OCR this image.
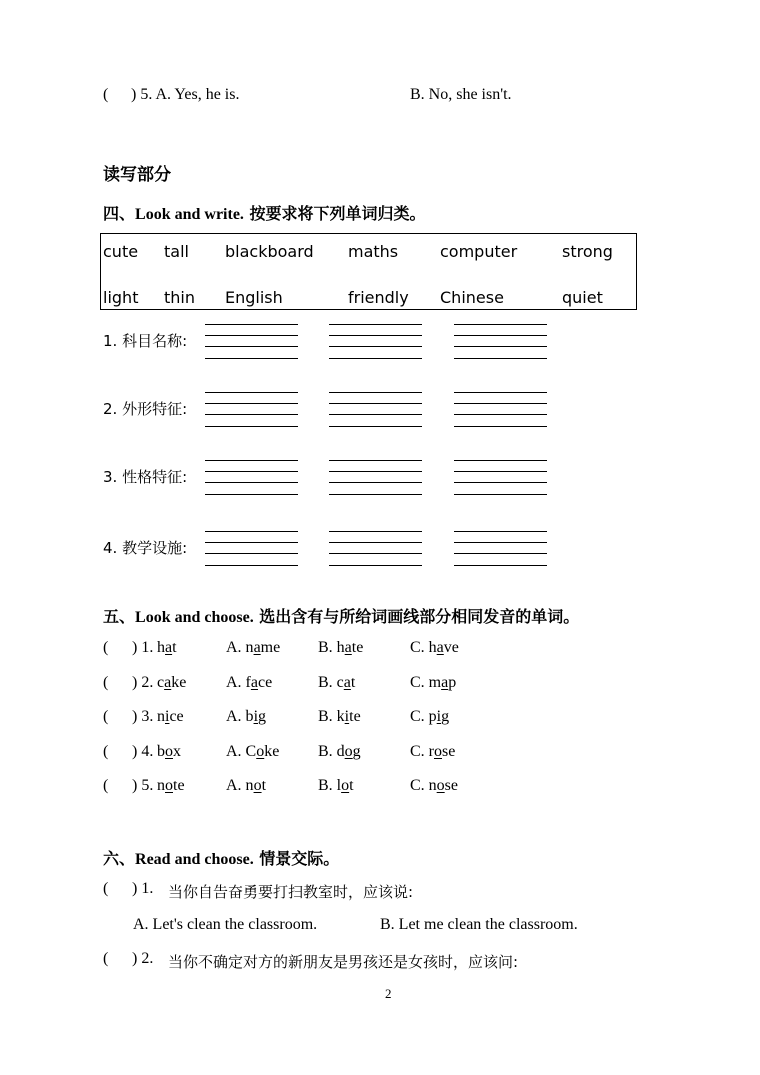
( ) 5. A. Yes, he is.	B. No, she isn't.
读写部分
四、Look and write. 按要求将下列单词归类。
cute tall blackboard maths	computer	strong
light thin English	friendly Chinese	quiet
1. 科目名称:
2. 外形特征:
3. 性格特征:
4. 教学设施:
五、Look and choose. 选出含有与所给词画线部分相同发音的单词。
( ) 1. hat	A. name B. hate	C. have
( ) 2. cake A. face	B. cat	C. map
( ) 3. nice	A. big	B. kite	C. pig
( ) 4. box	A. Coke B. dog	C. rose
( ) 5. note	A. not	B. lot	C. nose
六、Read and choose. 情景交际。
( ) 1. 当你自告奋勇要打扫教室时，应该说:
A. Let's clean the classroom.	B. Let me clean the classroom.
( ) 2. 当你不确定对方的新朋友是男孩还是女孩时，应该问:
2
